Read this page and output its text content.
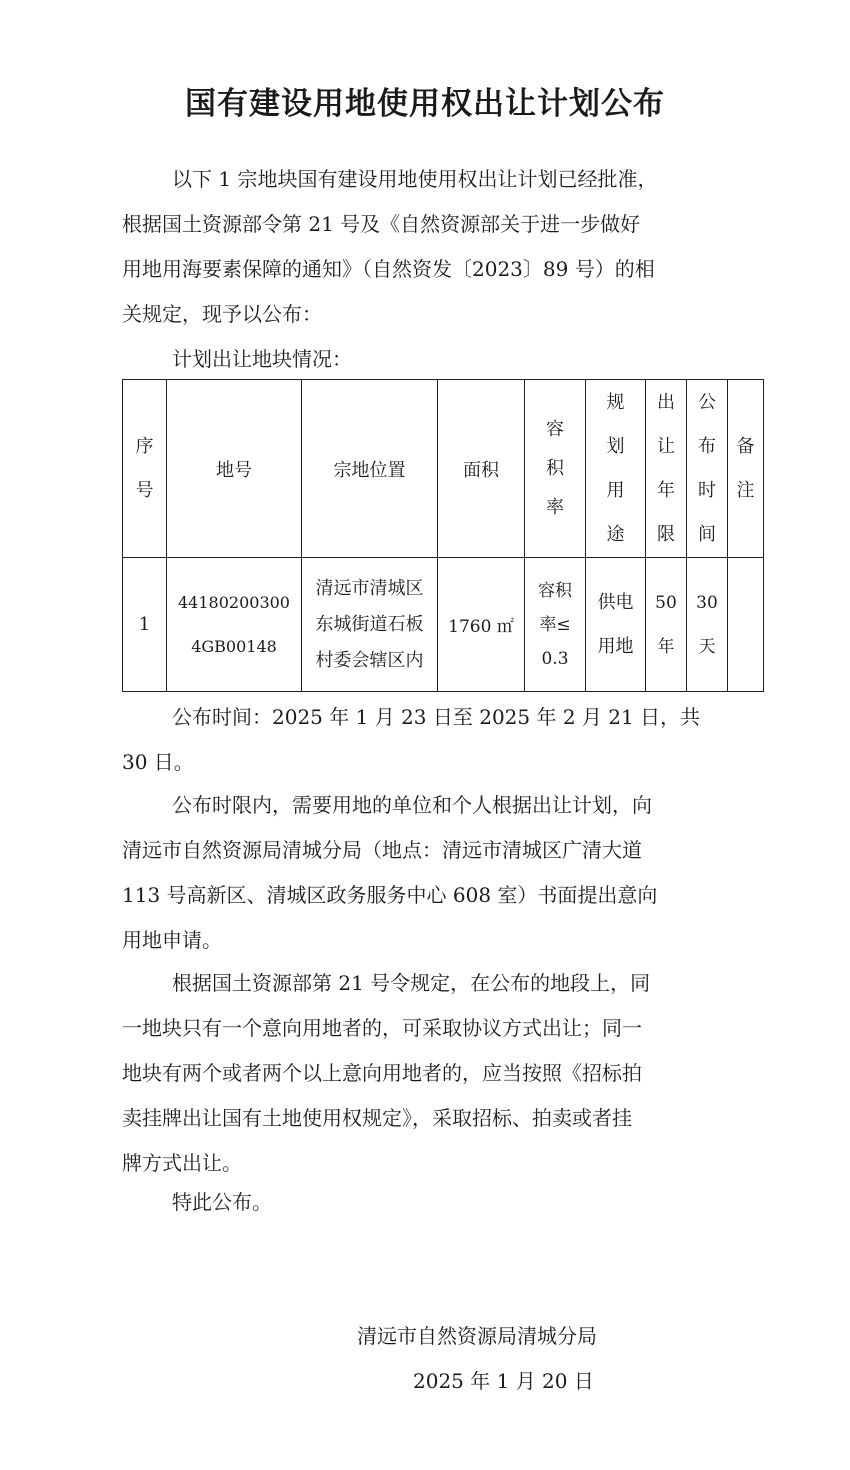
国有建设用地使用权出让计划公布

以下 1 宗地块国有建设用地使用权出让计划已经批准，
根据国土资源部令第 21 号及《自然资源部关于进一步做好
用地用海要素保障的通知》（自然资发〔2023〕89 号）的相
关规定，现予以公布：

计划出让地块情况：

序号	地号	宗地位置	面积	容积率	规划用途	出让年限	公布时间	备注
1	44180200300
4GB00148	清远市清城区
东城街道石板
村委会辖区内	1760 ㎡	容积
率≤
0.3	供电
用地	50
年	30
天	

公布时间：2025 年 1 月 23 日至 2025 年 2 月 21 日，共
30 日。

公布时限内，需要用地的单位和个人根据出让计划，向
清远市自然资源局清城分局（地点：清远市清城区广清大道
113 号高新区、清城区政务服务中心 608 室）书面提出意向
用地申请。

根据国土资源部第 21 号令规定，在公布的地段上，同
一地块只有一个意向用地者的，可采取协议方式出让；同一
地块有两个或者两个以上意向用地者的，应当按照《招标拍
卖挂牌出让国有土地使用权规定》，采取招标、拍卖或者挂
牌方式出让。

特此公布。

清远市自然资源局清城分局
2025 年 1 月 20 日
